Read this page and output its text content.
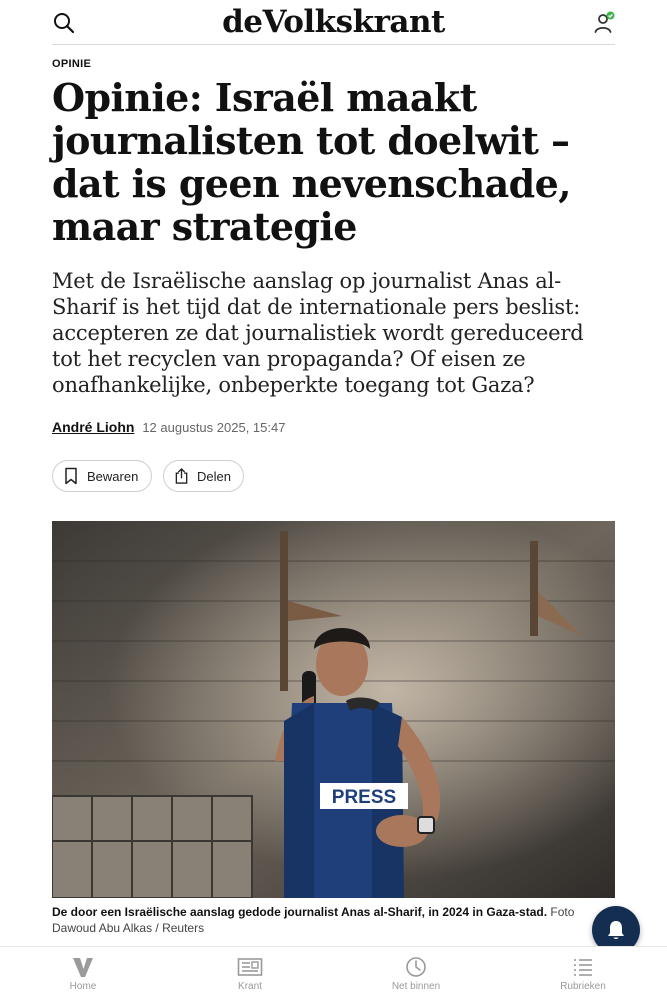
deVolkskrant
OPINIE
Opinie: Israël maakt journalisten tot doelwit – dat is geen nevenschade, maar strategie

Met de Israëlische aanslag op journalist Anas al-Sharif is het tijd dat de internationale pers beslist: accepteren ze dat journalistiek wordt gereduceerd tot het recyclen van propaganda? Of eisen ze onafhankelijke, onbeperkte toegang tot Gaza?

André Liohn 12 augustus 2025, 15:47
Bewaren	Delen
PRESS
De door een Israëlische aanslag gedode journalist Anas al-Sharif, in 2024 in Gaza-stad. Foto
Dawoud Abu Alkas / Reuters
Home	Krant	Net binnen	Rubrieken
